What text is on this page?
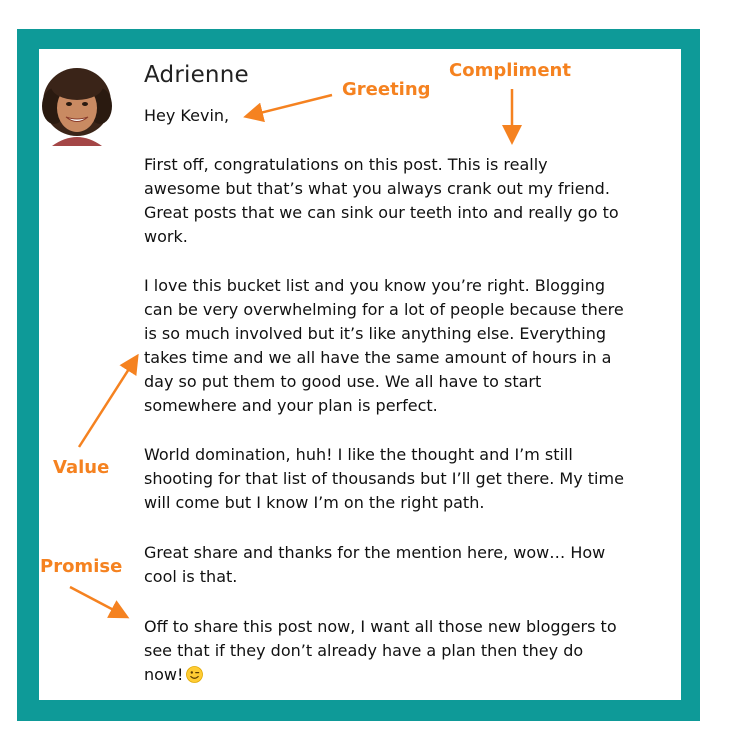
Adrienne

Hey Kevin,

First off, congratulations on this post. This is really awesome but that’s what you always crank out my friend. Great posts that we can sink our teeth into and really go to work.

I love this bucket list and you know you’re right. Blogging can be very overwhelming for a lot of people because there is so much involved but it’s like anything else. Everything takes time and we all have the same amount of hours in a day so put them to good use. We all have to start somewhere and your plan is perfect.

World domination, huh! I like the thought and I’m still shooting for that list of thousands but I’ll get there. My time will come but I know I’m on the right path.

Great share and thanks for the mention here, wow… How cool is that.

Off to share this post now, I want all those new bloggers to see that if they don’t already have a plan then they do now!

Greeting
Compliment
Value
Promise
